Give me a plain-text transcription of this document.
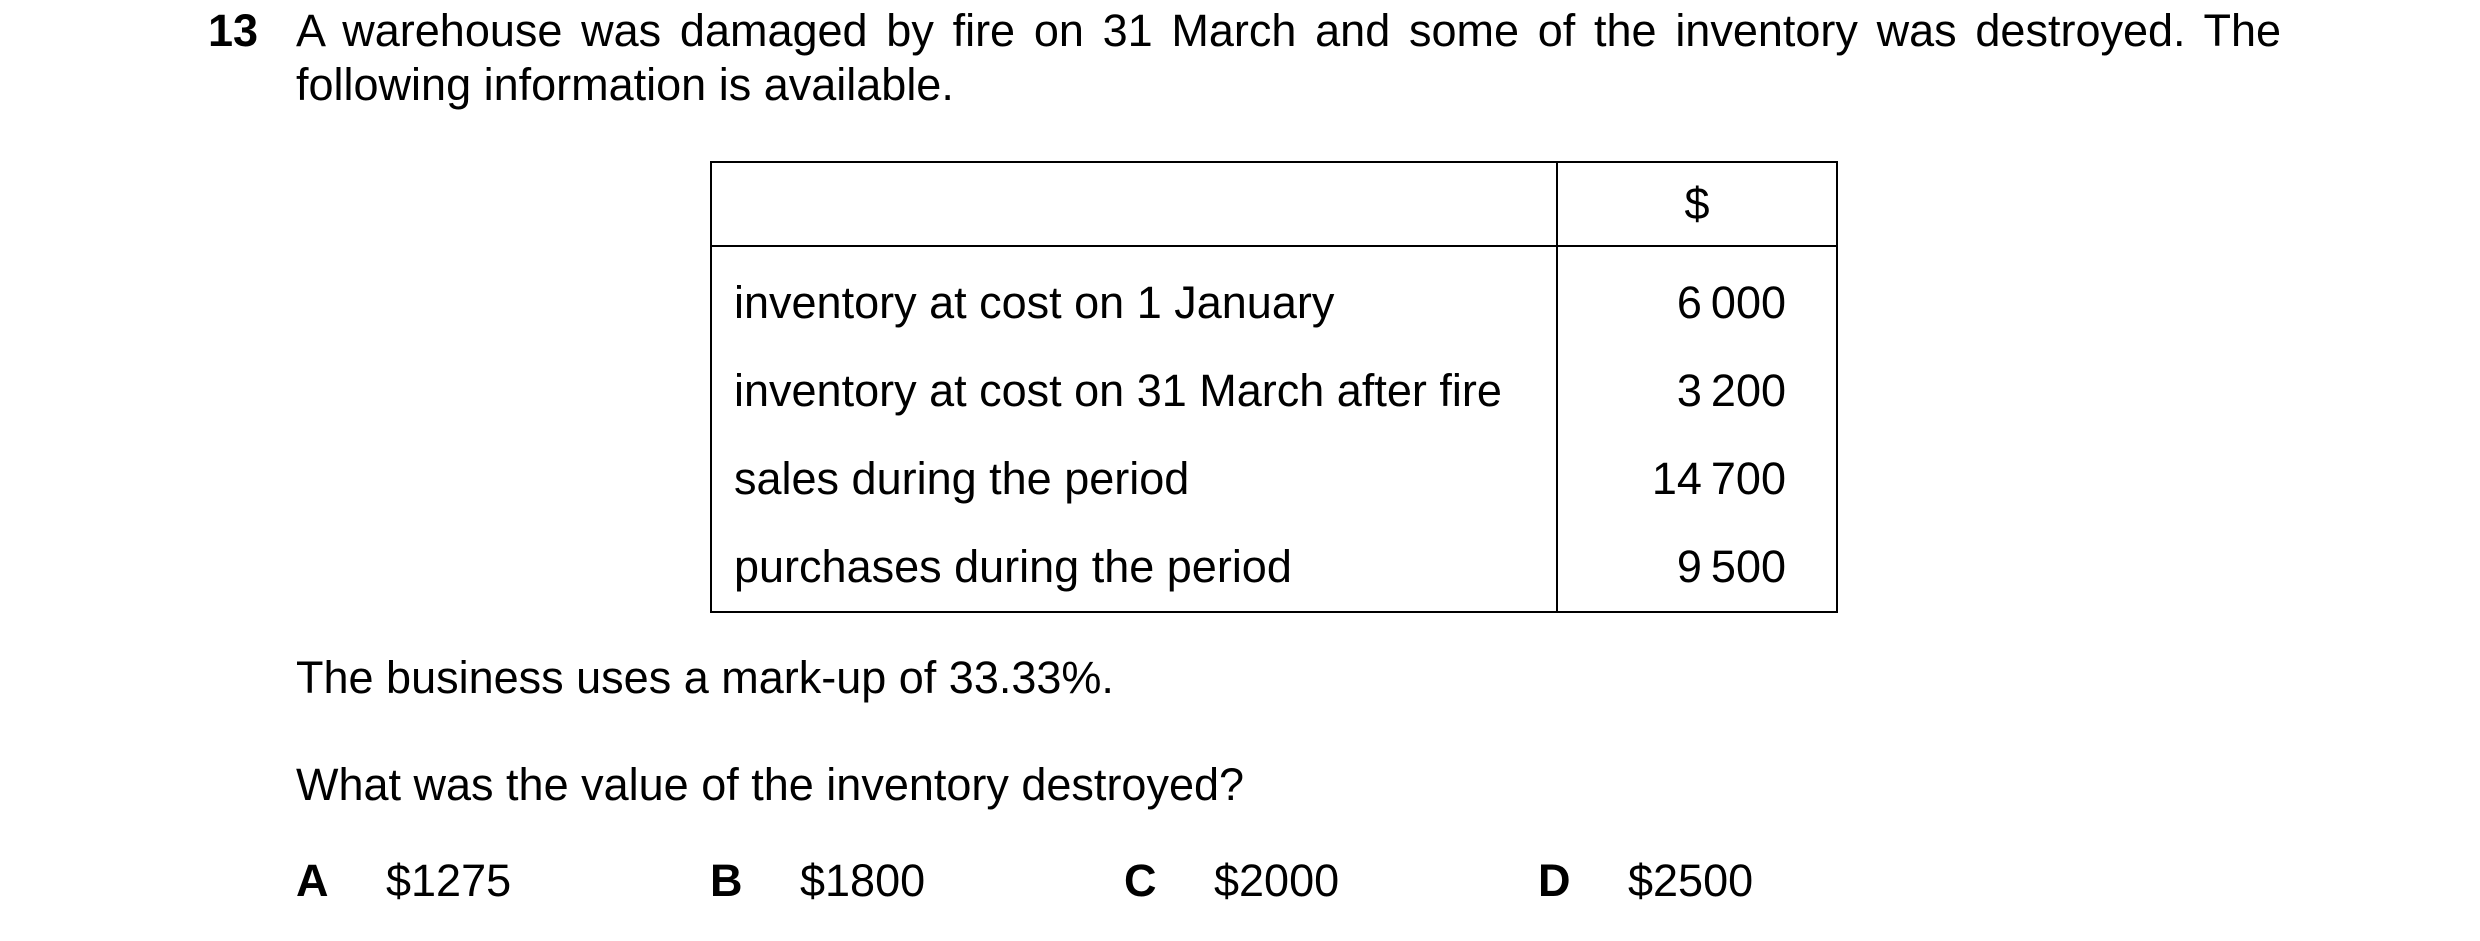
13 A warehouse was damaged by fire on 31 March and some of the inventory was destroyed. The following information is available.
	$
inventory at cost on 1 January	6 000
inventory at cost on 31 March after fire	3 200
sales during the period	14 700
purchases during the period	9 500
The business uses a mark-up of 33.33%.
What was the value of the inventory destroyed?
A $1275	B $1800	C $2000	D $2500
